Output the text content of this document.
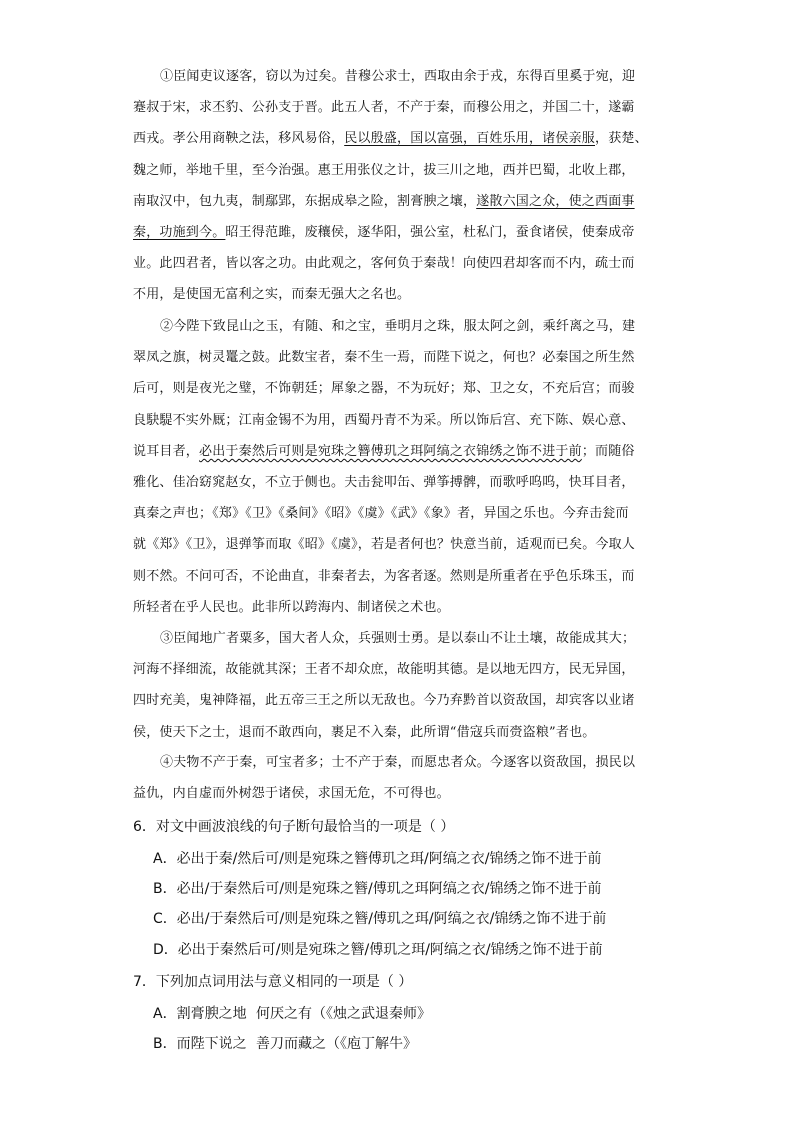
①臣闻吏议逐客，窃以为过矣。昔穆公求士，西取由余于戎，东得百里奚于宛，迎
蹇叔于宋，求丕豹、公孙支于晋。此五人者，不产于秦，而穆公用之，并国二十，遂霸
西戎。孝公用商鞅之法，移风易俗，民以殷盛，国以富强，百姓乐用，诸侯亲服，获楚、
魏之师，举地千里，至今治强。惠王用张仪之计，拔三川之地，西并巴蜀，北收上郡，
南取汉中，包九夷，制鄢郢，东据成皋之险，割膏腴之壤，遂散六国之众，使之西面事
秦，功施到今。昭王得范雎，废穰侯，逐华阳，强公室，杜私门，蚕食诸侯，使秦成帝
业。此四君者，皆以客之功。由此观之，客何负于秦哉！向使四君却客而不内，疏士而
不用，是使国无富利之实，而秦无强大之名也。
②今陛下致昆山之玉，有随、和之宝，垂明月之珠，服太阿之剑，乘纤离之马，建
翠凤之旗，树灵鼍之鼓。此数宝者，秦不生一焉，而陛下说之，何也？必秦国之所生然
后可，则是夜光之璧，不饰朝廷；犀象之器，不为玩好；郑、卫之女，不充后宫；而骏
良駃騠不实外厩；江南金锡不为用，西蜀丹青不为采。所以饰后宫、充下陈、娱心意、
说耳目者，必出于秦然后可则是宛珠之簪傅玑之珥阿缟之衣锦绣之饰不进于前；而随俗
雅化、佳冶窈窕赵女，不立于侧也。夫击瓮叩缶、弹筝搏髀，而歌呼呜呜，快耳目者，
真秦之声也；《郑》《卫》《桑间》《昭》《虞》《武》《象》者，异国之乐也。今弃击瓮而
就《郑》《卫》，退弹筝而取《昭》《虞》，若是者何也？快意当前，适观而已矣。今取人
则不然。不问可否，不论曲直，非秦者去，为客者逐。然则是所重者在乎色乐珠玉，而
所轻者在乎人民也。此非所以跨海内、制诸侯之术也。
③臣闻地广者粟多，国大者人众，兵强则士勇。是以泰山不让土壤，故能成其大；
河海不择细流，故能就其深；王者不却众庶，故能明其德。是以地无四方，民无异国，
四时充美，鬼神降福，此五帝三王之所以无敌也。今乃弃黔首以资敌国，却宾客以业诸
侯，使天下之士，退而不敢西向，裹足不入秦，此所谓“借寇兵而赍盗粮”者也。
④夫物不产于秦，可宝者多；士不产于秦，而愿忠者众。今逐客以资敌国，损民以
益仇，内自虚而外树怨于诸侯，求国无危，不可得也。
6．对文中画波浪线的句子断句最恰当的一项是（ ）
A．必出于秦/然后可/则是宛珠之簪傅玑之珥/阿缟之衣/锦绣之饰不进于前
B．必出/于秦然后可/则是宛珠之簪/傅玑之珥阿缟之衣/锦绣之饰不进于前
C．必出/于秦然后可/则是宛珠之簪/傅玑之珥/阿缟之衣/锦绣之饰不进于前
D．必出于秦然后可/则是宛珠之簪/傅玑之珥/阿缟之衣/锦绣之饰不进于前
7．下列加点词用法与意义相同的一项是（ ）
A．割膏腴之地 何厌之有（《烛之武退秦师》
B．而陛下说之 善刀而藏之（《庖丁解牛》
